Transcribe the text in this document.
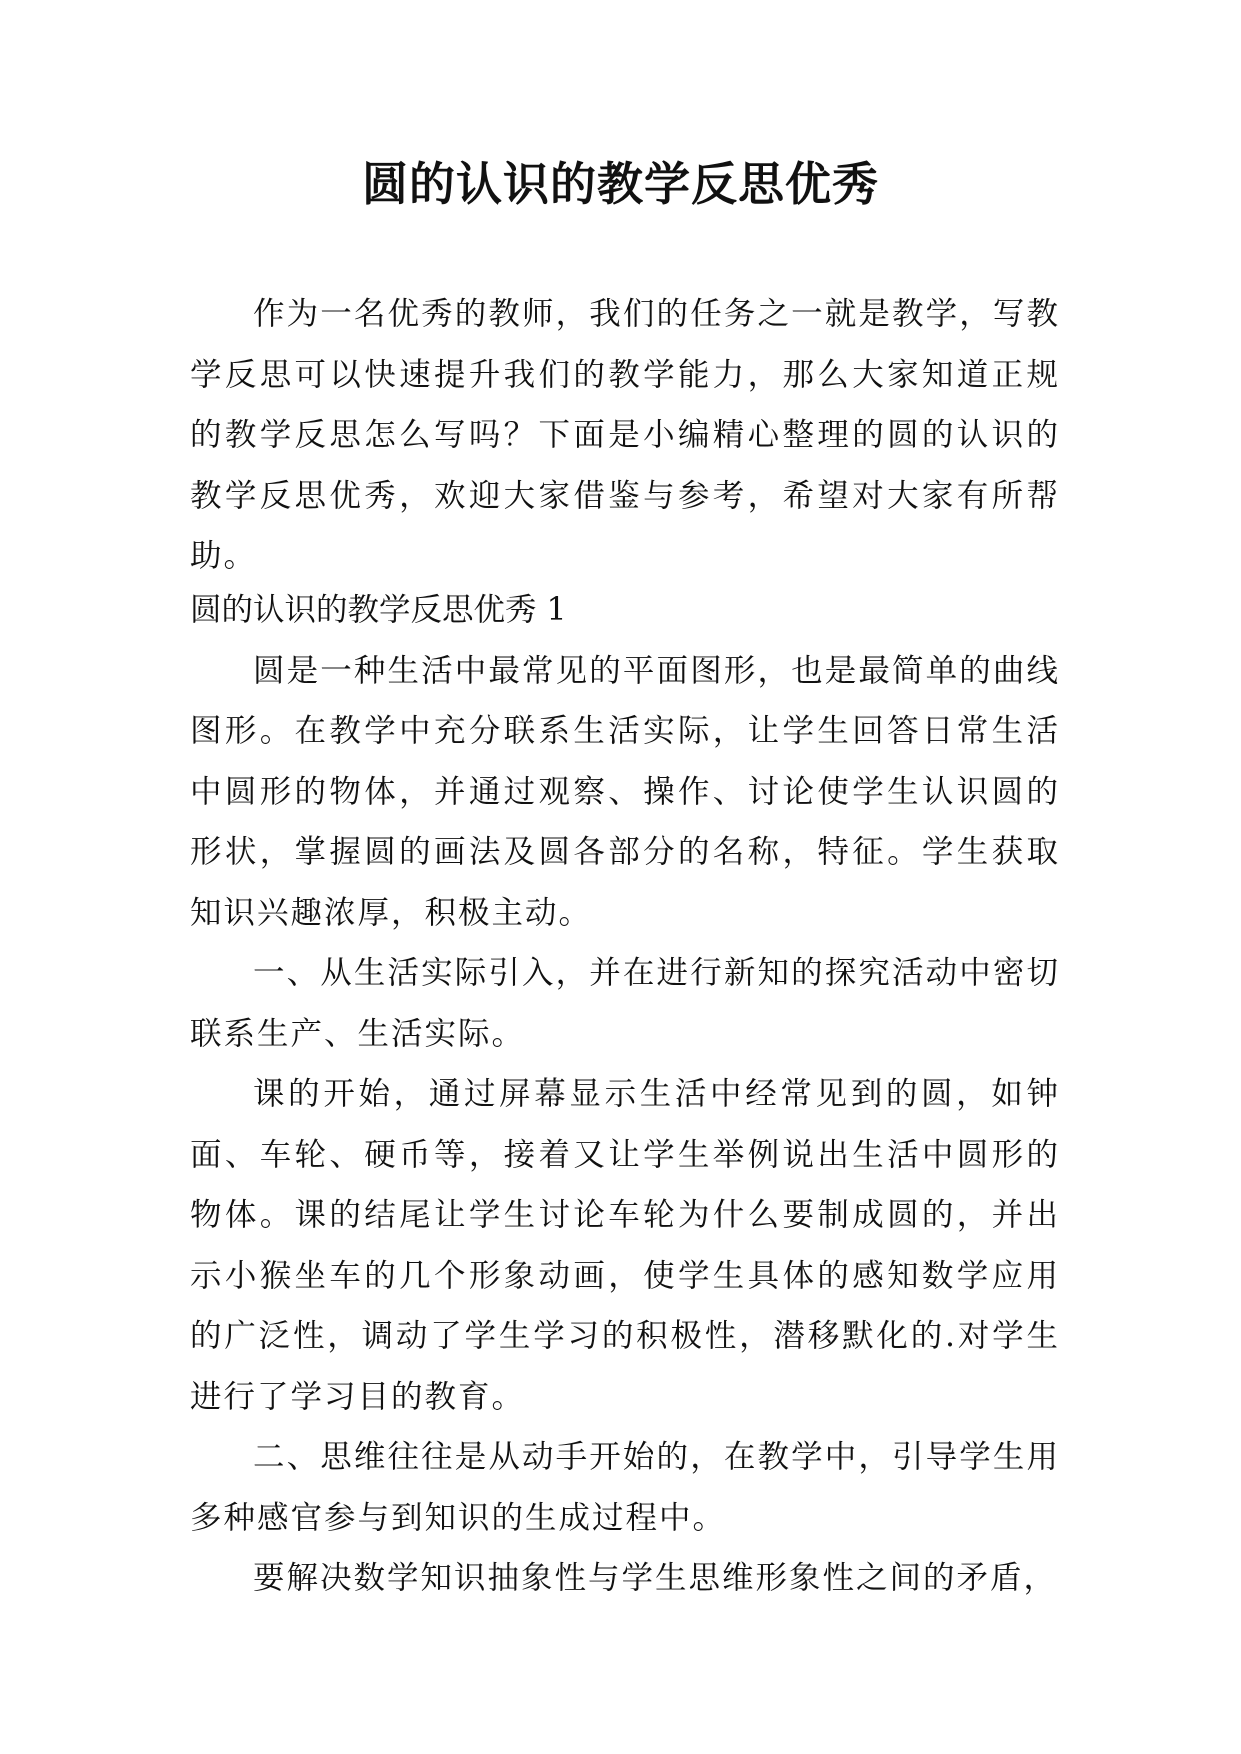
圆的认识的教学反思优秀

作为一名优秀的教师，我们的任务之一就是教学，写教学反思可以快速提升我们的教学能力，那么大家知道正规的教学反思怎么写吗？下面是小编精心整理的圆的认识的教学反思优秀，欢迎大家借鉴与参考，希望对大家有所帮助。

圆的认识的教学反思优秀 1

圆是一种生活中最常见的平面图形，也是最简单的曲线图形。在教学中充分联系生活实际，让学生回答日常生活中圆形的物体，并通过观察、操作、讨论使学生认识圆的形状，掌握圆的画法及圆各部分的名称，特征。学生获取知识兴趣浓厚，积极主动。

一、从生活实际引入，并在进行新知的探究活动中密切联系生产、生活实际。

课的开始，通过屏幕显示生活中经常见到的圆，如钟面、车轮、硬币等，接着又让学生举例说出生活中圆形的物体。课的结尾让学生讨论车轮为什么要制成圆的，并出示小猴坐车的几个形象动画，使学生具体的感知数学应用的广泛性，调动了学生学习的积极性，潜移默化的.对学生进行了学习目的教育。

二、思维往往是从动手开始的，在教学中，引导学生用多种感官参与到知识的生成过程中。

要解决数学知识抽象性与学生思维形象性之间的矛盾，
